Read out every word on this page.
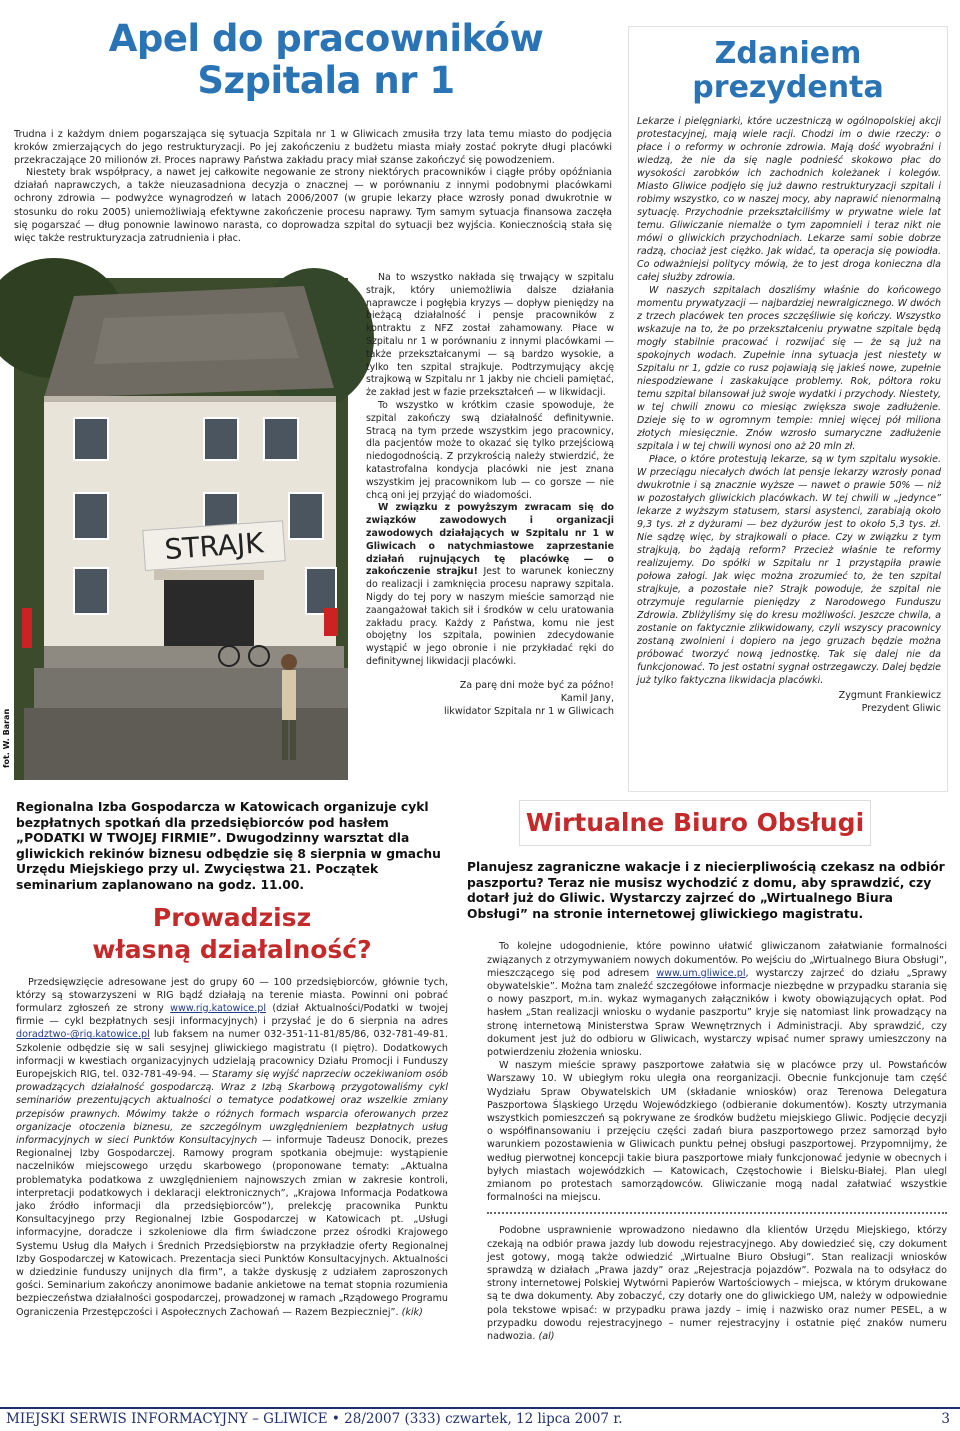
Apel do pracowników
Szpitala nr 1

Trudna i z każdym dniem pogarszająca się sytuacja Szpitala nr 1 w Gliwicach zmusiła trzy lata temu miasto do podjęcia kroków zmierzających do jego restrukturyzacji. Po jej zakończeniu z budżetu miasta miały zostać pokryte długi placówki przekraczające 20 milionów zł. Proces naprawy Państwa zakładu pracy miał szanse zakończyć się powodzeniem.

Niestety brak współpracy, a nawet jej całkowite negowanie ze strony niektórych pracowników i ciągłe próby opóźniania działań naprawczych, a także nieuzasadniona decyzja o znacznej — w porównaniu z innymi podobnymi placówkami ochrony zdrowia — podwyżce wynagrodzeń w latach 2006/2007 (w grupie lekarzy płace wzrosły ponad dwukrotnie w stosunku do roku 2005) uniemożliwiają efektywne zakończenie procesu naprawy. Tym samym sytuacja finansowa zaczęła się pogarszać — dług ponownie lawinowo narasta, co doprowadza szpital do sytuacji bez wyjścia. Koniecznością stała się więc także restrukturyzacja zatrudnienia i płac.

STRAJK
fot. W. Baran

Na to wszystko nakłada się trwający w szpitalu strajk, który uniemożliwia dalsze działania naprawcze i pogłębia kryzys — dopływ pieniędzy na bieżącą działalność i pensje pracowników z kontraktu z NFZ został zahamowany. Płace w Szpitalu nr 1 w porównaniu z innymi placówkami — także przekształcanymi — są bardzo wysokie, a tylko ten szpital strajkuje. Podtrzymujący akcję strajkową w Szpitalu nr 1 jakby nie chcieli pamiętać, że zakład jest w fazie przekształceń — w likwidacji.

To wszystko w krótkim czasie spowoduje, że szpital zakończy swą działalność definitywnie. Stracą na tym przede wszystkim jego pracownicy, dla pacjentów może to okazać się tylko przejściową niedogodnością. Z przykrością należy stwierdzić, że katastrofalna kondycja placówki nie jest znana wszystkim jej pracownikom lub — co gorsze — nie chcą oni jej przyjąć do wiadomości.

W związku z powyższym zwracam się do związków zawodowych i organizacji zawodowych działających w Szpitalu nr 1 w Gliwicach o natychmiastowe zaprzestanie działań rujnujących tę placówkę — o zakończenie strajku! Jest to warunek konieczny do realizacji i zamknięcia procesu naprawy szpitala. Nigdy do tej pory w naszym mieście samorząd nie zaangażował takich sił i środków w celu uratowania zakładu pracy. Każdy z Państwa, komu nie jest obojętny los szpitala, powinien zdecydowanie wystąpić w jego obronie i nie przykładać ręki do definitywnej likwidacji placówki.

Za parę dni może być za późno!
Kamil Jany,
likwidator Szpitala nr 1 w Gliwicach
Zdaniem
prezydenta

Lekarze i pielęgniarki, które uczestniczą w ogólnopolskiej akcji protestacyjnej, mają wiele racji. Chodzi im o dwie rzeczy: o płace i o reformy w ochronie zdrowia. Mają dość wyobraźni i wiedzą, że nie da się nagle podnieść skokowo płac do wysokości zarobków ich zachodnich koleżanek i kolegów. Miasto Gliwice podjęło się już dawno restrukturyzacji szpitali i robimy wszystko, co w naszej mocy, aby naprawić nienormalną sytuację. Przychodnie przekształciliśmy w prywatne wiele lat temu. Gliwiczanie niemalże o tym zapomnieli i teraz nikt nie mówi o gliwickich przychodniach. Lekarze sami sobie dobrze radzą, chociaż jest ciężko. Jak widać, ta operacja się powiodła. Co odważniejsi politycy mówią, że to jest droga koniecznа dla całej służby zdrowia.

W naszych szpitalach doszliśmy właśnie do końcowego momentu prywatyzacji — najbardziej newralgicznego. W dwóch z trzech placówek ten proces szczęśliwie się kończy. Wszystko wskazuje na to, że po przekształceniu prywatne szpitale będą mogły stabilnie pracować i rozwijać się — że są już na spokojnych wodach. Zupełnie inna sytuacja jest niestety w Szpitalu nr 1, gdzie co rusz pojawiają się jakieś nowe, zupełnie niespodziewane i zaskakujące problemy. Rok, półtora roku temu szpital bilansował już swoje wydatki i przychody. Niestety, w tej chwili znowu co miesiąc zwiększa swoje zadłużenie. Dzieje się to w ogromnym tempie: mniej więcej pół miliona złotych miesięcznie. Znów wzrosło sumaryczne zadłużenie szpitala i w tej chwili wynosi ono aż 20 mln zł.

Płace, o które protestują lekarze, są w tym szpitalu wysokie. W przeciągu niecałych dwóch lat pensje lekarzy wzrosły ponad dwukrotnie i są znacznie wyższe — nawet o prawie 50% — niż w pozostałych gliwickich placówkach. W tej chwili w „jedynce” lekarze z wyższym statusem, starsi asystenci, zarabiają około 9,3 tys. zł z dyżurami — bez dyżurów jest to około 5,3 tys. zł. Nie sądzę więc, by strajkowali o płace. Czy w związku z tym strajkują, bo żądają reform? Przecież właśnie te reformy realizujemy. Do spółki w Szpitalu nr 1 przystąpiła prawie połowa załogi. Jak więc można zrozumieć to, że ten szpital strajkuje, a pozostałe nie? Strajk powoduje, że szpital nie otrzymuje regularnie pieniędzy z Narodowego Funduszu Zdrowia. Zbliżyliśmy się do kresu możliwości. Jeszcze chwila, a zostanie on faktycznie zlikwidowany, czyli wszyscy pracownicy zostaną zwolnieni i dopiero na jego gruzach będzie można próbować tworzyć nową jednostkę. Tak się dalej nie da funkcjonować. To jest ostatni sygnał ostrzegawczy. Dalej będzie już tylko faktyczna likwidacja placówki.

Zygmunt Frankiewicz
Prezydent Gliwic

Regionalna Izba Gospodarcza w Katowicach organizuje cykl bezpłatnych spotkań dla przedsiębiorców pod hasłem „PODATKI W TWOJEJ FIRMIE”. Dwugodzinny warsztat dla gliwickich rekinów biznesu odbędzie się 8 sierpnia w gmachu Urzędu Miejskiego przy ul. Zwycięstwa 21. Początek seminarium zaplanowano na godz. 11.00.

Prowadzisz
własną działalność?

Przedsięwzięcie adresowane jest do grupy 60 — 100 przedsiębiorców, głównie tych, którzy są stowarzyszeni w RIG bądź działają na terenie miasta. Powinni oni pobrać formularz zgłoszeń ze strony www.rig.katowice.pl (dział Aktualności/Podatki w twojej firmie — cykl bezpłatnych sesji informacyjnych) i przysłać je do 6 sierpnia na adres doradztwo-@rig.katowice.pl lub faksem na numer 032-351-11-81/85/86, 032-781-49-81. Szkolenie odbędzie się w sali sesyjnej gliwickiego magistratu (I piętro). Dodatkowych informacji w kwestiach organizacyjnych udzielają pracownicy Działu Promocji i Funduszy Europejskich RIG, tel. 032-781-49-94. — Staramy się wyjść naprzeciw oczekiwaniom osób prowadzących działalność gospodarczą. Wraz z Izbą Skarbową przygotowaliśmy cykl seminariów prezentujących aktualności o tematyce podatkowej oraz wszelkie zmiany przepisów prawnych. Mówimy także o różnych formach wsparcia oferowanych przez organizacje otoczenia biznesu, ze szczególnym uwzględnieniem bezpłatnych usług informacyjnych w sieci Punktów Konsultacyjnych — informuje Tadeusz Donocik, prezes Regionalnej Izby Gospodarczej. Ramowy program spotkania obejmuje: wystąpienie naczelników miejscowego urzędu skarbowego (proponowane tematy: „Aktualna problematyka podatkowa z uwzględnieniem najnowszych zmian w zakresie kontroli, interpretacji podatkowych i deklaracji elektronicznych”, „Krajowa Informacja Podatkowa jako źródło informacji dla przedsiębiorców”), prelekcję pracownika Punktu Konsultacyjnego przy Regionalnej Izbie Gospodarczej w Katowicach pt. „Usługi informacyjne, doradcze i szkoleniowe dla firm świadczone przez ośrodki Krajowego Systemu Usług dla Małych i Średnich Przedsiębiorstw na przykładzie oferty Regionalnej Izby Gospodarczej w Katowicach. Prezentacja sieci Punktów Konsultacyjnych. Aktualności w dziedzinie funduszy unijnych dla firm”, a także dyskusję z udziałem zaproszonych gości. Seminarium zakończy anonimowe badanie ankietowe na temat stopnia rozumienia bezpieczeństwa działalności gospodarczej, prowadzonej w ramach „Rządowego Programu Ograniczenia Przestępczości i Aspołecznych Zachowań — Razem Bezpieczniej”. (kik)

Wirtualne Biuro Obsługi

Planujesz zagraniczne wakacje i z niecierpliwością czekasz na odbiór paszportu? Teraz nie musisz wychodzić z domu, aby sprawdzić, czy dotarł już do Gliwic. Wystarczy zajrzeć do „Wirtualnego Biura Obsługi” na stronie internetowej gliwickiego magistratu.

To kolejne udogodnienie, które powinno ułatwić gliwiczanom załatwianie formalności związanych z otrzymywaniem nowych dokumentów. Po wejściu do „Wirtualnego Biura Obsługi”, mieszczącego się pod adresem www.um.gliwice.pl, wystarczy zajrzeć do działu „Sprawy obywatelskie”. Można tam znaleźć szczegółowe informacje niezbędne w przypadku starania się o nowy paszport, m.in. wykaz wymaganych załączników i kwoty obowiązujących opłat. Pod hasłem „Stan realizacji wniosku o wydanie paszportu” kryje się natomiast link prowadzący na stronę internetową Ministerstwa Spraw Wewnętrznych i Administracji. Aby sprawdzić, czy dokument jest już do odbioru w Gliwicach, wystarczy wpisać numer sprawy umieszczony na potwierdzeniu złożenia wniosku.

W naszym mieście sprawy paszportowe załatwia się w placówce przy ul. Powstańców Warszawy 10. W ubiegłym roku uległa ona reorganizacji. Obecnie funkcjonuje tam część Wydziału Spraw Obywatelskich UM (składanie wniosków) oraz Terenowa Delegatura Paszportowa Śląskiego Urzędu Wojewódzkiego (odbieranie dokumentów). Koszty utrzymania wszystkich pomieszczeń są pokrywane ze środków budżetu miejskiego Gliwic. Podjęcie decyzji o współfinansowaniu i przejęciu części zadań biura paszportowego przez samorząd było warunkiem pozostawienia w Gliwicach punktu pełnej obsługi paszportowej. Przypomnijmy, że według pierwotnej koncepcji takie biura paszportowe miały funkcjonować jedynie w obecnych i byłych miastach wojewódzkich — Katowicach, Częstochowie i Bielsku-Białej. Plan ulegl zmianom po protestach samorządowców. Gliwiczanie mogą nadal załatwiać wszystkie formalności na miejscu.

Podobne usprawnienie wprowadzono niedawno dla klientów Urzędu Miejskiego, którzy czekają na odbiór prawa jazdy lub dowodu rejestracyjnego. Aby dowiedzieć się, czy dokument jest gotowy, mogą także odwiedzić „Wirtualne Biuro Obsługi”. Stan realizacji wniosków sprawdzą w działach „Prawa jazdy” oraz „Rejestracja pojazdów”. Pozwala na to odsyłacz do strony internetowej Polskiej Wytwórni Papierów Wartościowych – miejsca, w którym drukowane są te dwa dokumenty. Aby zobaczyć, czy dotarły one do gliwickiego UM, należy w odpowiednie pola tekstowe wpisać: w przypadku prawa jazdy – imię i nazwisko oraz numer PESEL, a w przypadku dowodu rejestracyjnego – numer rejestracyjny i ostatnie pięć znaków numeru nadwozia. (al)

MIEJSKI SERWIS INFORMACYJNY – GLIWICE • 28/2007 (333) czwartek, 12 lipca 2007 r.	3
